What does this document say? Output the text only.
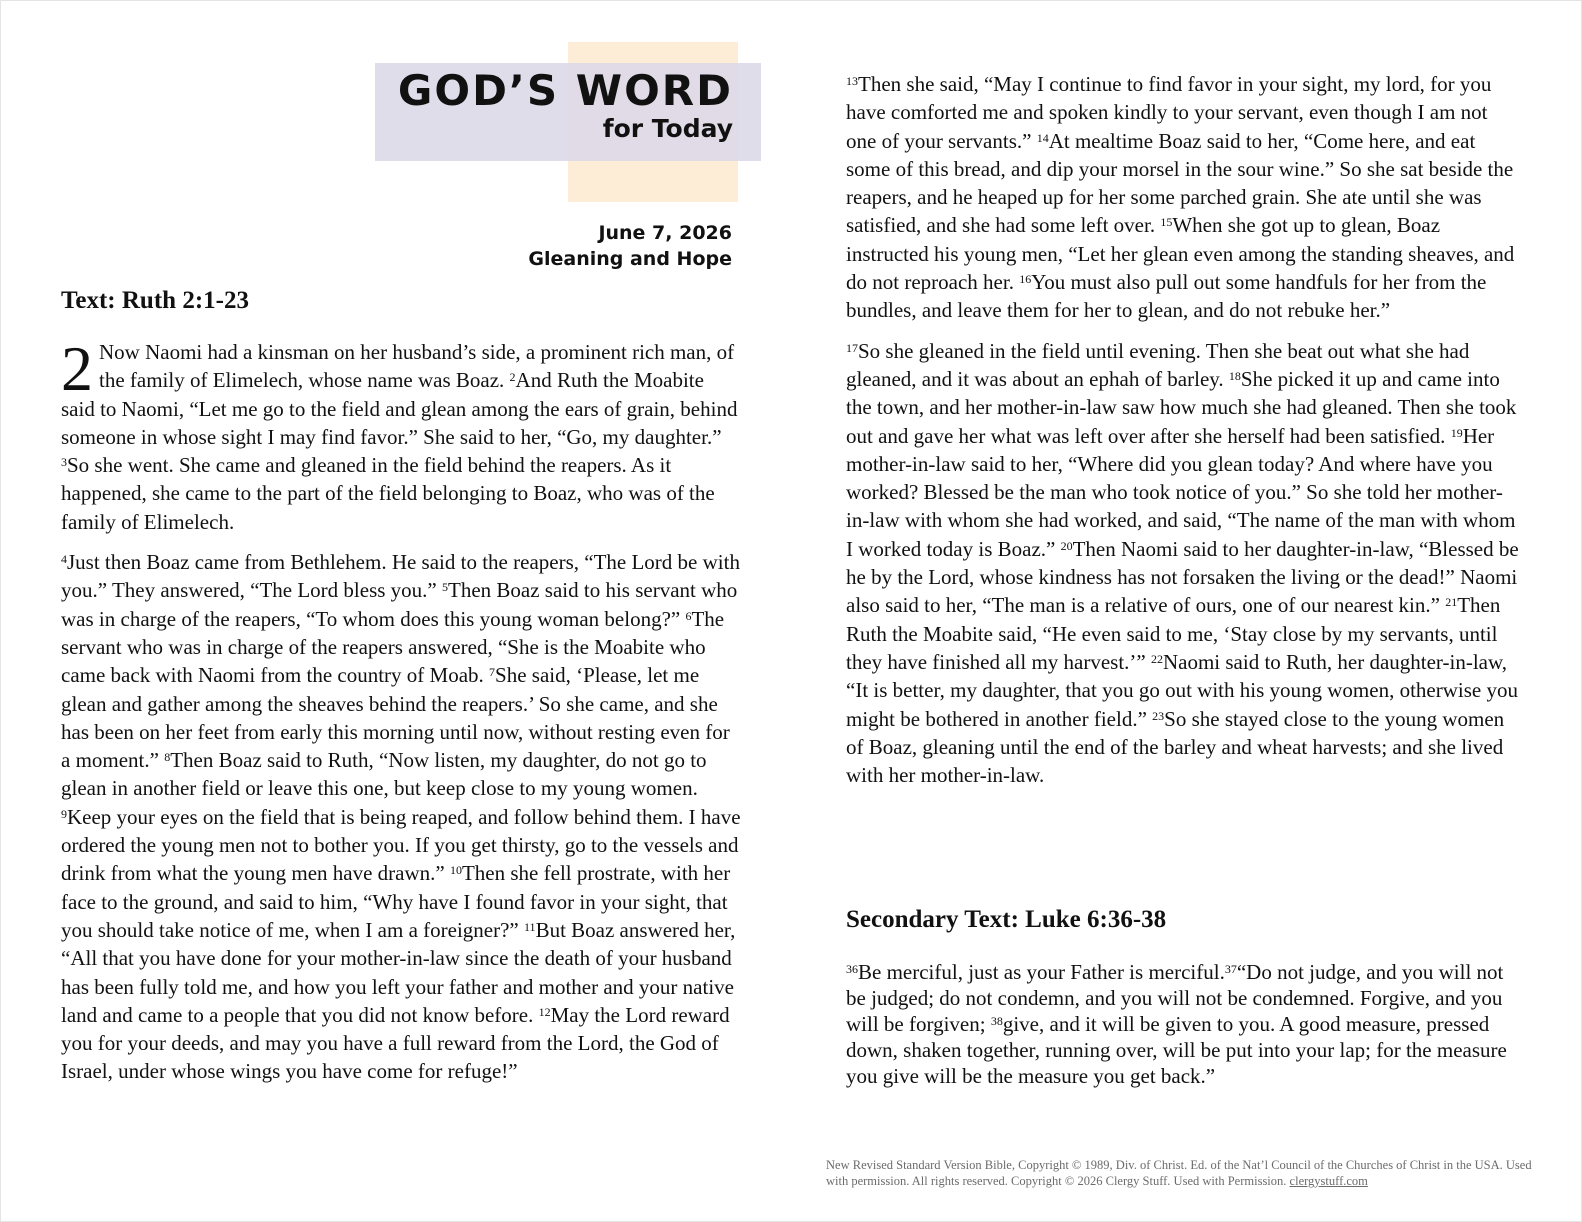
GOD’S WORD
for Today
June 7, 2026
Gleaning and Hope
Text: Ruth 2:1-23

2 Now Naomi had a kinsman on her husband’s side, a prominent rich man, of the family of Elimelech, whose name was Boaz. $^2$And Ruth the Moabite said to Naomi, “Let me go to the field and glean among the ears of grain, behind someone in whose sight I may find favor.” She said to her, “Go, my daughter.” $^3$So she went. She came and gleaned in the field behind the reapers. As it happened, she came to the part of the field belonging to Boaz, who was of the family of Elimelech.

$^4$Just then Boaz came from Bethlehem. He said to the reapers, “The Lord be with you.” They answered, “The Lord bless you.” $^5$Then Boaz said to his servant who was in charge of the reapers, “To whom does this young woman belong?” $^6$The servant who was in charge of the reapers answered, “She is the Moabite who came back with Naomi from the country of Moab. $^7$She said, ‘Please, let me glean and gather among the sheaves behind the reapers.’ So she came, and she has been on her feet from early this morning until now, without resting even for a moment.” $^8$Then Boaz said to Ruth, “Now listen, my daughter, do not go to glean in another field or leave this one, but keep close to my young women. $^9$Keep your eyes on the field that is being reaped, and follow behind them. I have ordered the young men not to bother you. If you get thirsty, go to the vessels and drink from what the young men have drawn.” $^{10}$Then she fell prostrate, with her face to the ground, and said to him, “Why have I found favor in your sight, that you should take notice of me, when I am a foreigner?” $^{11}$But Boaz answered her, “All that you have done for your mother-in-law since the death of your husband has been fully told me, and how you left your father and mother and your native land and came to a people that you did not know before. $^{12}$May the Lord reward you for your deeds, and may you have a full reward from the Lord, the God of Israel, under whose wings you have come for refuge!”

$^{13}$Then she said, “May I continue to find favor in your sight, my lord, for you have comforted me and spoken kindly to your servant, even though I am not one of your servants.” $^{14}$At mealtime Boaz said to her, “Come here, and eat some of this bread, and dip your morsel in the sour wine.” So she sat beside the reapers, and he heaped up for her some parched grain. She ate until she was satisfied, and she had some left over. $^{15}$When she got up to glean, Boaz instructed his young men, “Let her glean even among the standing sheaves, and do not reproach her. $^{16}$You must also pull out some handfuls for her from the bundles, and leave them for her to glean, and do not rebuke her.”

$^{17}$So she gleaned in the field until evening. Then she beat out what she had gleaned, and it was about an ephah of barley. $^{18}$She picked it up and came into the town, and her mother-in-law saw how much she had gleaned. Then she took out and gave her what was left over after she herself had been satisfied. $^{19}$Her mother-in-law said to her, “Where did you glean today? And where have you worked? Blessed be the man who took notice of you.” So she told her mother-in-law with whom she had worked, and said, “The name of the man with whom I worked today is Boaz.” $^{20}$Then Naomi said to her daughter-in-law, “Blessed be he by the Lord, whose kindness has not forsaken the living or the dead!” Naomi also said to her, “The man is a relative of ours, one of our nearest kin.” $^{21}$Then Ruth the Moabite said, “He even said to me, ‘Stay close by my servants, until they have finished all my harvest.’” $^{22}$Naomi said to Ruth, her daughter-in-law, “It is better, my daughter, that you go out with his young women, otherwise you might be bothered in another field.” $^{23}$So she stayed close to the young women of Boaz, gleaning until the end of the barley and wheat harvests; and she lived with her mother-in-law.

Secondary Text: Luke 6:36-38

$^{36}$Be merciful, just as your Father is merciful.$^{37}$“Do not judge, and you will not be judged; do not condemn, and you will not be condemned. Forgive, and you will be forgiven; $^{38}$give, and it will be given to you. A good measure, pressed down, shaken together, running over, will be put into your lap; for the measure you give will be the measure you get back.”

New Revised Standard Version Bible, Copyright © 1989, Div. of Christ. Ed. of the Nat’l Council of the Churches of Christ in the USA. Used with permission. All rights reserved. Copyright © 2026 Clergy Stuff. Used with Permission. clergystuff.com
